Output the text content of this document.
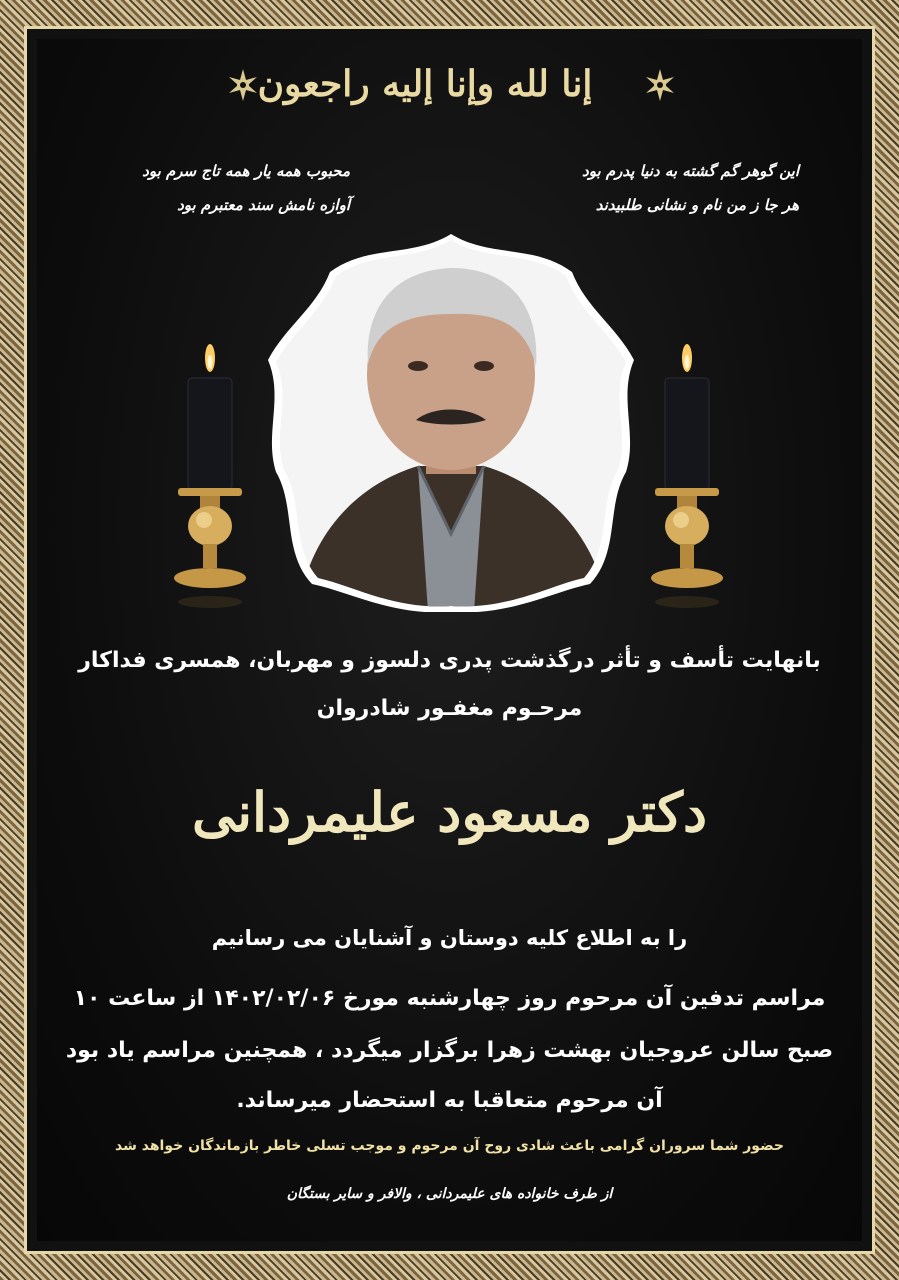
إنا لله وإنا إليه راجعون
این گوهر گم گشته به دنیا پدرم بود
هر جا ز من نام و نشانی طلبیدند
محبوب همه یار همه تاج سرم بود
آوازه نامش سند معتبرم بود
بانهایت تأسف و تأثر درگذشت پدری دلسوز و مهربان، همسری فداکار
مرحـوم مغفـور شادروان
دکتر مسعود علیمردانی
را به اطلاع کلیه دوستان و آشنایان می رسانیم
مراسم تدفین آن مرحوم روز چهارشنبه مورخ ۱۴۰۲/۰۲/۰۶ از ساعت ۱۰
صبح سالن عروجیان بهشت زهرا برگزار میگردد ، همچنین مراسم یاد بود
آن مرحوم متعاقبا به استحضار میرساند.
حضور شما سروران گرامی باعث شادی روح آن مرحوم و موجب تسلی خاطر بازماندگان خواهد شد
از طرف خانواده های علیمردانی ، والافر و سایر بستگان
